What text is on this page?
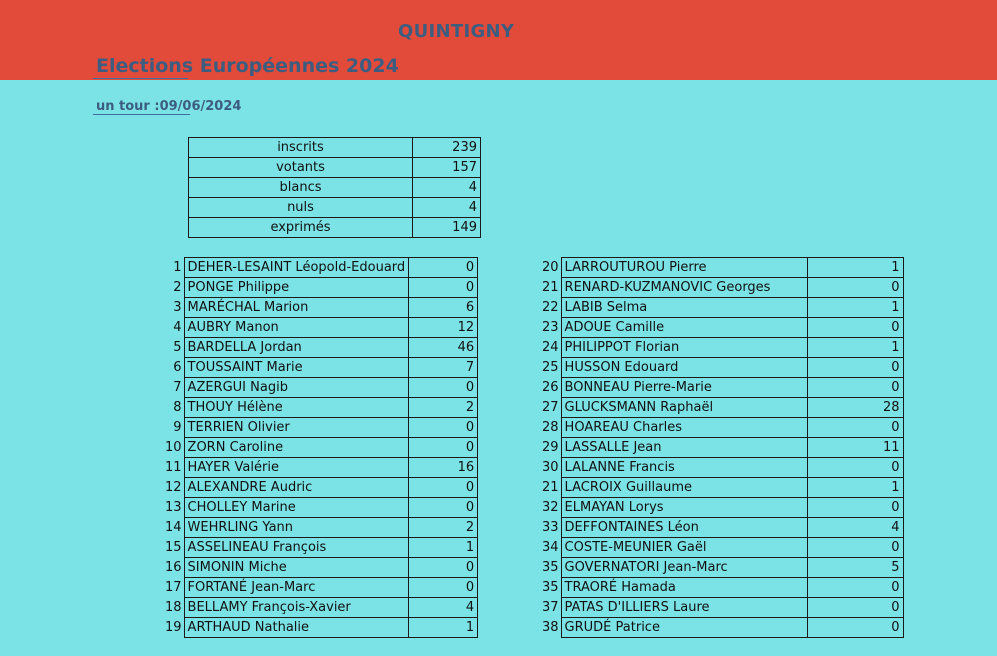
QUINTIGNY
Elections Européennes 2024
un tour :09/06/2024
inscrits	239
votants	157
blancs	4
nuls	4
exprimés	149
1	DEHER-LESAINT Léopold-Edouard	0
2	PONGE Philippe	0
3	MARÉCHAL Marion	6
4	AUBRY Manon	12
5	BARDELLA Jordan	46
6	TOUSSAINT Marie	7
7	AZERGUI Nagib	0
8	THOUY Hélène	2
9	TERRIEN Olivier	0
10	ZORN Caroline	0
11	HAYER Valérie	16
12	ALEXANDRE Audric	0
13	CHOLLEY Marine	0
14	WEHRLING Yann	2
15	ASSELINEAU François	1
16	SIMONIN Miche	0
17	FORTANÉ Jean-Marc	0
18	BELLAMY François-Xavier	4
19	ARTHAUD Nathalie	1
20	LARROUTUROU Pierre	1
21	RENARD-KUZMANOVIC Georges	0
22	LABIB Selma	1
23	ADOUE Camille	0
24	PHILIPPOT Florian	1
25	HUSSON Edouard	0
26	BONNEAU Pierre-Marie	0
27	GLUCKSMANN Raphaël	28
28	HOAREAU Charles	0
29	LASSALLE Jean	11
30	LALANNE Francis	0
21	LACROIX Guillaume	1
32	ELMAYAN Lorys	0
33	DEFFONTAINES Léon	4
34	COSTE-MEUNIER Gaël	0
35	GOVERNATORI Jean-Marc	5
35	TRAORÉ Hamada	0
37	PATAS D'ILLIERS Laure	0
38	GRUDÉ Patrice	0
